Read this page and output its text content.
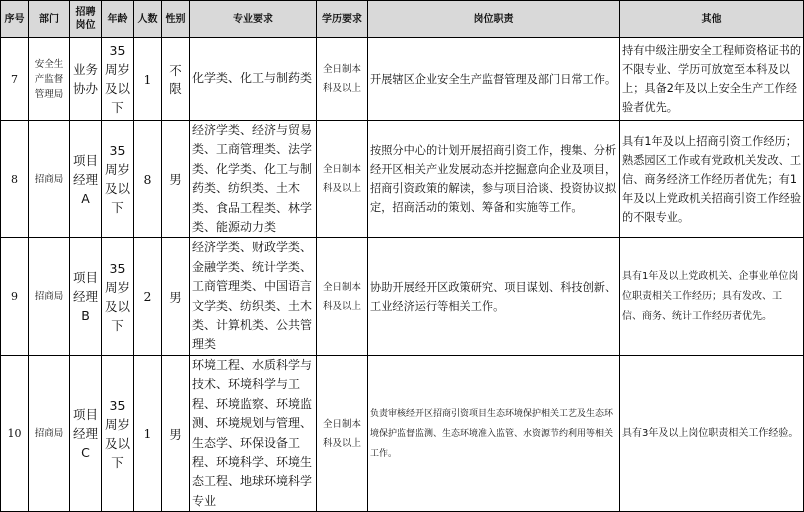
序号	部门	招聘岗位	年龄	人数	性别	专业要求	学历要求	岗位职责	其他
7	安全生产监督管理局	业务协办	35周岁及以下	1	不限	化学类、化工与制药类	全日制本科及以上	开展辖区企业安全生产监督管理及部门日常工作。	持有中级注册安全工程师资格证书的不限专业、学历可放宽至本科及以上；具备2年及以上安全生产工作经验者优先。
8	招商局	项目经理A	35周岁及以下	8	男	经济学类、经济与贸易类、工商管理类、法学类、化学类、化工与制药类、纺织类、土木类、食品工程类、林学类、能源动力类	全日制本科及以上	按照分中心的计划开展招商引资工作，搜集、分析经开区相关产业发展动态并挖掘意向企业及项目，招商引资政策的解读，参与项目洽谈、投资协议拟定，招商活动的策划、筹备和实施等工作。	具有1年及以上招商引资工作经历；熟悉园区工作或有党政机关发改、工信、商务经济工作经历者优先；有1年及以上党政机关招商引资工作经验的不限专业。
9	招商局	项目经理B	35周岁及以下	2	男	经济学类、财政学类、金融学类、统计学类、工商管理类、中国语言文学类、纺织类、土木类、计算机类、公共管理类	全日制本科及以上	协助开展经开区政策研究、项目谋划、科技创新、工业经济运行等相关工作。	具有1年及以上党政机关、企事业单位岗位职责相关工作经历；具有发改、工信、商务、统计工作经历者优先。
10	招商局	项目经理C	35周岁及以下	1	男	环境工程、水质科学与技术、环境科学与工程、环境监察、环境监测、环境规划与管理、生态学、环保设备工程、环境科学、环境生态工程、地球环境科学专业	全日制本科及以上	负责审核经开区招商引资项目生态环境保护相关工艺及生态环境保护监督监测、生态环境准入监管、水资源节约利用等相关工作。	具有3年及以上岗位职责相关工作经验。
